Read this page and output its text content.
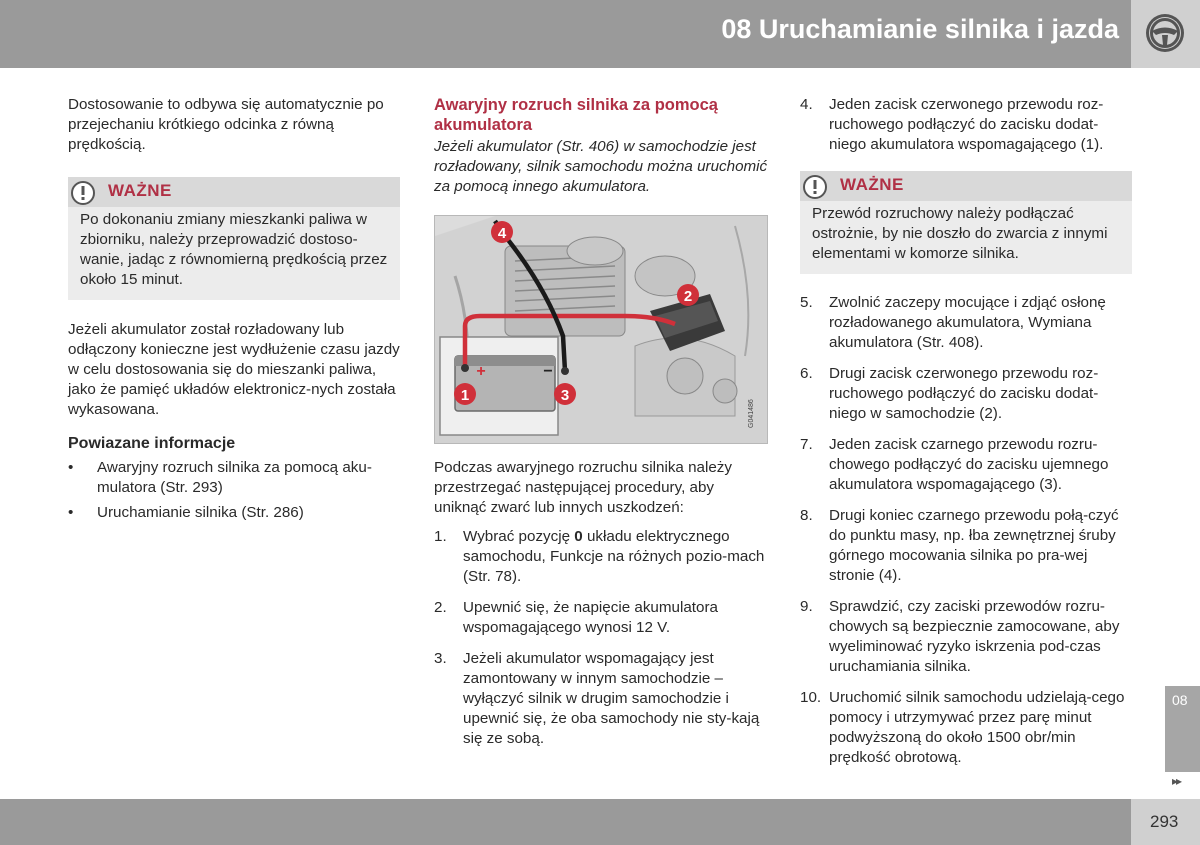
08 Uruchamianie silnika i jazda

Dostosowanie to odbywa się automatycznie po przejechaniu krótkiego odcinka z równą prędkością.

WAŻNE
Po dokonaniu zmiany mieszkanki paliwa w zbiorniku, należy przeprowadzić dostoso-wanie, jadąc z równomierną prędkością przez około 15 minut.

Jeżeli akumulator został rozładowany lub odłączony konieczne jest wydłużenie czasu jazdy w celu dostosowania się do mieszanki paliwa, jako że pamięć układów elektronicz-nych została wykasowana.

Powiazane informacje

• Awaryjny rozruch silnika za pomocą aku-mulatora (Str. 293)
• Uruchamianie silnika (Str. 286)
Awaryjny rozruch silnika za pomocą akumulatora

Jeżeli akumulator (Str. 406) w samochodzie jest rozładowany, silnik samochodu można uruchomić za pomocą innego akumulatora.

1
2
3
4
+	−
G041486

Podczas awaryjnego rozruchu silnika należy przestrzegać następującej procedury, aby uniknąć zwarć lub innych uszkodzeń:

1. Wybrać pozycję 0 układu elektrycznego samochodu, Funkcje na różnych pozio-mach (Str. 78).
2. Upewnić się, że napięcie akumulatora wspomagającego wynosi 12 V.
3. Jeżeli akumulator wspomagający jest zamontowany w innym samochodzie – wyłączyć silnik w drugim samochodzie i upewnić się, że oba samochody nie sty-kają się ze sobą.
4. Jeden zacisk czerwonego przewodu roz-ruchowego podłączyć do zacisku dodat-niego akumulatora wspomagającego (1).
WAŻNE
Przewód rozruchowy należy podłączać ostrożnie, by nie doszło do zwarcia z innymi elementami w komorze silnika.
5. Zwolnić zaczepy mocujące i zdjąć osłonę rozładowanego akumulatora, Wymiana akumulatora (Str. 408).
6. Drugi zacisk czerwonego przewodu roz-ruchowego podłączyć do zacisku dodat-niego w samochodzie (2).
7. Jeden zacisk czarnego przewodu rozru-chowego podłączyć do zacisku ujemnego akumulatora wspomagającego (3).
8. Drugi koniec czarnego przewodu połą-czyć do punktu masy, np. łba zewnętrznej śruby górnego mocowania silnika po pra-wej stronie (4).
9. Sprawdzić, czy zaciski przewodów rozru-chowych są bezpiecznie zamocowane, aby wyeliminować ryzyko iskrzenia pod-czas uruchamiania silnika.
10. Uruchomić silnik samochodu udzielają-cego pomocy i utrzymywać przez parę minut podwyższoną do około 1500 obr/min prędkość obrotową.
08
▸▸
293
